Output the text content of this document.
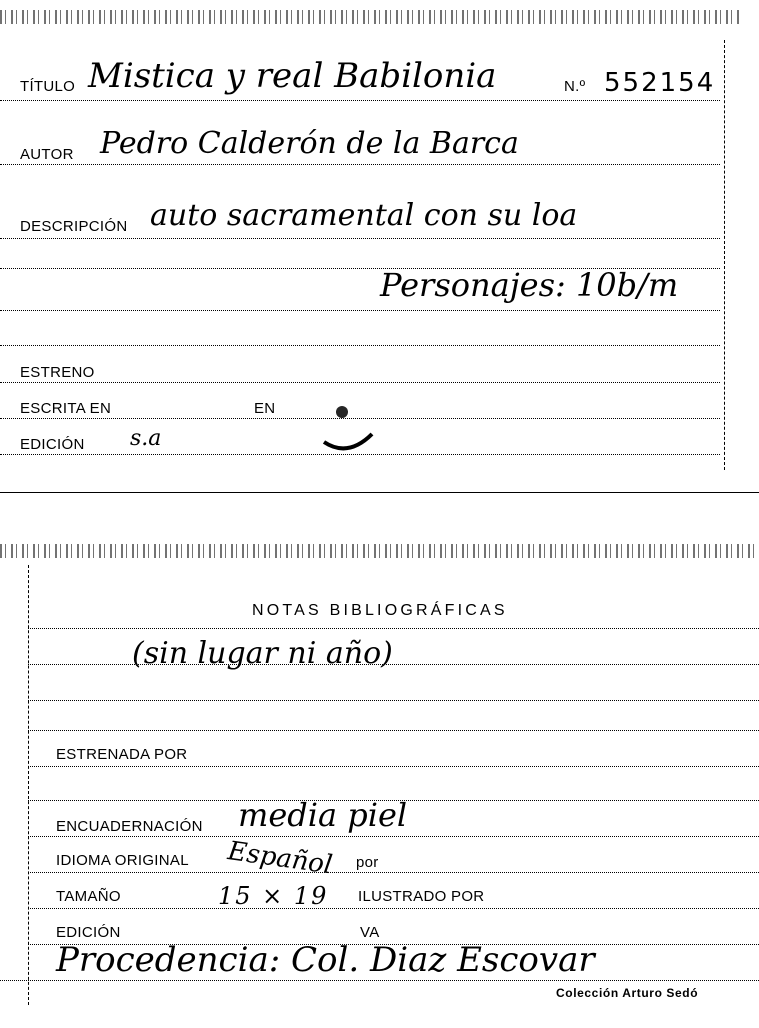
TÍTULO Mistica y real Babilonia	N.º 552154
AUTOR Pedro Calderón de la Barca
DESCRIPCIÓN auto sacramental con su loa
Personajes: 10b/m
ESTRENO
ESCRITA EN	EN
EDICIÓN s.a
NOTAS BIBLIOGRÁFICAS
(sin lugar ni año)
ESTRENADA POR
ENCUADERNACIÓN media piel
IDIOMA ORIGINAL Español por
TAMAÑO	15 × 19 ILUSTRADO POR
EDICIÓN	VA
Procedencia: Col. Diaz Escovar
Colección Arturo Sedó
